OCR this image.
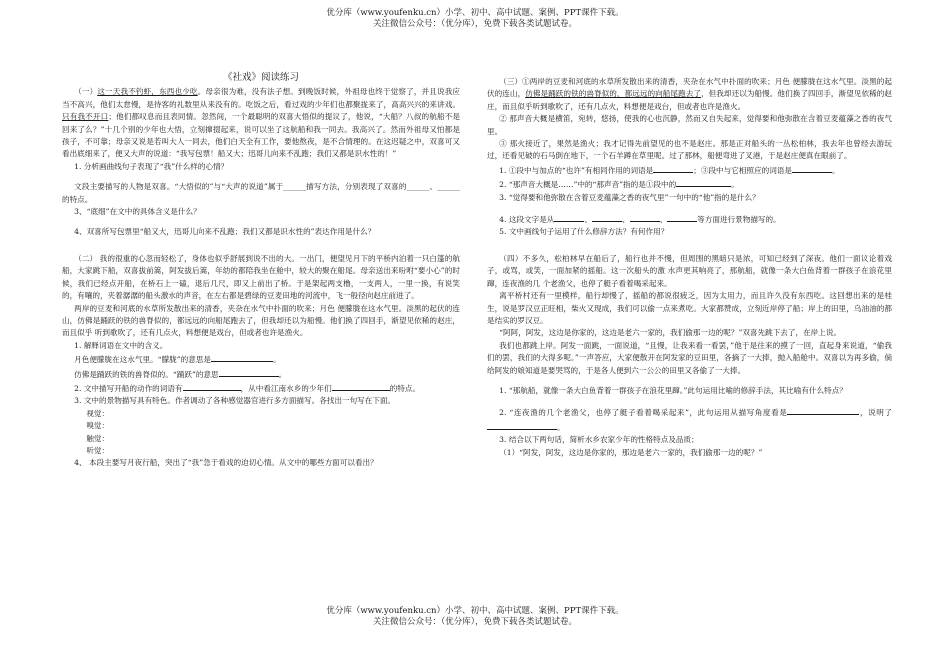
优分库（www.youfenku.cn）小学、初中、高中试题、案例、PPT课件下载。
关注微信公众号：（优分库），免费下载各类试题试卷。
《社戏》阅读练习

（一）这一天我不钓虾，东西也少吃。母亲很为难，没有法子想。到晚饭时候，外祖母也终于觉察了，并且说我应当不高兴，他们太怠慢，是待客的礼数里从来没有的。吃饭之后，看过戏的少年们也都聚拢来了，高高兴兴的来讲戏。只有我不开口；他们都叹息而且表同情。忽然间，一个最聪明的双喜大悟似的提议了，他说，“大船？八叔的航船不是回来了么？”十几个别的少年也大悟，立刻撺掇起来，说可以坐了这航船和我一同去。我高兴了。然而外祖母又怕都是孩子，不可靠；母亲又说是若叫大人一同去，他们白天全有工作，要他熬夜，是不合情理的。在这迟疑之中，双喜可又看出底细来了，便又大声的说道：“我写包票！船又大；迅哥儿向来不乱跑；我们又都是识水性的！”

1. 分析画曲线句子表现了“我”什么样的心情？

文段主要描写的人物是双喜。“大悟似的”与“大声的说道”属于______描写方法，分别表现了双喜的______、______的特点。

3、“底细”在文中的具体含义是什么？

4、双喜所写包票里“船又大，迅哥儿向来不乱跑；我们又都是识水性的”表达作用是什么？

（二） 我的很重的心忽而轻松了，身体也似乎舒展到说不出的大。一出门，便望见月下的平桥内泊着一只白篷的航船，大家跳下船，双喜拔前篙，阿发拔后篙，年幼的都陪我坐在舱中，较大的聚在船尾。母亲送出来吩咐“要小心”的时候，我们已经点开船，在桥石上一磕，退后几尺，即又上前出了桥。于是架起两支橹，一支两人，一里一换，有说笑的，有嚷的，夹着潺潺的船头激水的声音，在左右都是碧绿的豆麦田地的河流中，飞一般径向赵庄前进了。

两岸的豆麦和河底的水草所发散出来的清香，夹杂在水气中扑面的吹来；月色 便朦胧在这水气里。淡黑的起伏的连山，仿佛是踊跃的铁的兽脊似的，都远远的向船尾跑去了，但我却还以为船慢。他们换了四回手，渐望见依稀的赵庄，而且似乎 听到歌吹了，还有几点火，料想便是戏台，但或者也许是渔火。

1. 解释词语在文中的含义。

月色便朦胧在这水气里。“朦胧”的意思是	。

仿佛是踊跃的铁的兽脊似的。“踊跃”的意思	。

2. 文中描写开船的动作的词语有	，从中看江南水乡的少年们	的特点。

3. 文中的景物描写具有特色。作者调动了各种感觉器官进行多方面描写。各找出一句写在下面。

视觉：

嗅觉：

触觉：

听觉：

4、 本段主要写月夜行船，突出了“我”急于看戏的迫切心情。从文中的哪些方面可以看出？

（三）①两岸的豆麦和河底的水草所发散出来的清香，夹杂在水气中扑面的吹来；月色 便朦胧在这水气里。淡黑的起伏的连山，仿佛是踊跃的铁的兽脊似的，都远远的向船尾跑去了，但我却还以为船慢。他们换了四回手，渐望见依稀的赵庄，而且似乎听到歌吹了，还有几点火，料想便是戏台，但或者也许是渔火。

② 那声音大概是横笛，宛转，悠扬，使我的心也沉静，然而又自失起来，觉得要和他弥散在含着豆麦蕴藻之香的夜气里。

③ 那火接近了，果然是渔火；我才记得先前望见的也不是赵庄。那是正对船头的一丛松柏林，我去年也曾经去游玩过，还看见破的石马倒在地下，一个石羊蹲在草里呢。过了那林，船便弯进了叉港，于是赵庄便真在眼前了。

1. ①段中与加点的“也许”有相同作用的词语是	；③段中与它相照应的词语是	。

2. “那声音大概是……”中的“那声音”指的是①段中的	。

3. “觉得要和他弥散在含着豆麦蕴藻之香的夜气里”一句中的“他”指的是什么？

4. 这段文字是从	、	、	、	等方面进行景物描写的。

5. 文中画线句子运用了什么修辞方法？有何作用？

（四）不多久，松柏林早在船后了，船行也并不慢，但周围的黑暗只是浓，可知已经到了深夜。他们一面议论着戏子，或骂，或笑，一面加紧的摇船。这一次船头的激 水声更其响亮了，那航船，就像一条大白鱼背着一群孩子在浪花里蹿，连夜渔的几 个老渔父，也停了艇子看着喝采起来。

离平桥村还有一里模样，船行却慢了，摇船的都说很疲乏，因为太用力，而且许久没有东西吃。这回想出来的是桂生，说是罗汉豆正旺相，柴火又现成，我们可以偷一点来煮吃。大家都赞成，立刻近岸停了船；岸上的田里，乌油油的都是结实的罗汉豆。

“阿阿，阿发，这边是你家的，这边是老六一家的，我们偷那一边的呢？”双喜先跳下去了，在岸上说。

我们也都跳上岸。阿发一面跳，一面说道，“且慢，让我来看一看罢，”他于是往来的摸了一回，直起身来说道，“偷我们的罢，我们的大得多呢。”一声答应，大家便散开在阿发家的豆田里，各摘了一大捧，抛入船舱中。双喜以为再多偷，倘给阿发的娘知道是要哭骂的，于是各人便到六一公公的田里又各偷了一大捧。

1. “那航船，就像一条大白鱼背着一群孩子在浪花里蹿。”此句运用比喻的修辞手法，其比喻有什么特点？

2. “连夜渔的几个老渔父，也停了艇子看着喝采起来”，此句运用从描写角度看是	，说明了。

3. 结合以下两句话，简析水乡农家少年的性格特点及品质；

（1）“阿发，阿发，这边是你家的，那边是老六一家的，我们偷那一边的呢？”

优分库（www.youfenku.cn）小学、初中、高中试题、案例、PPT课件下载。
关注微信公众号：（优分库），免费下载各类试题试卷。
